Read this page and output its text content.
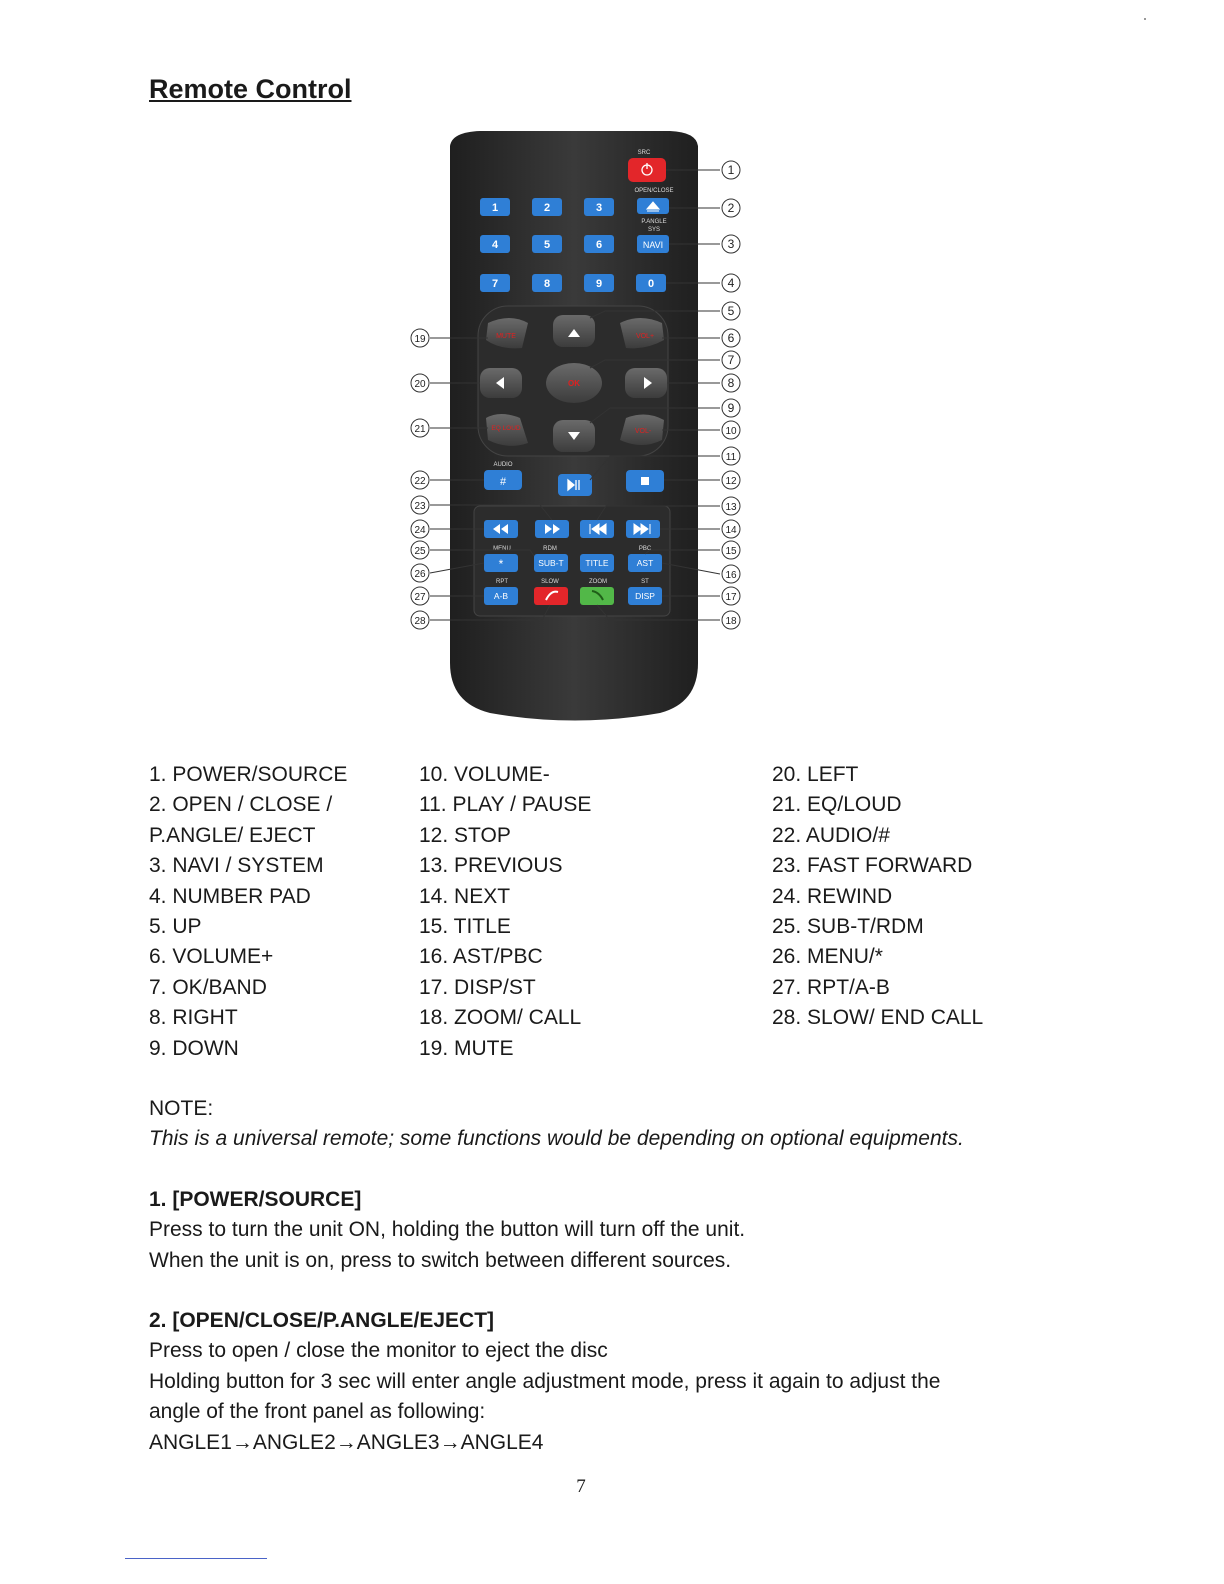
Remote Control
SRC
1	2	3
4	5	6
7	8	9	0
OPEN/CLOSE
P.ANGLE
SYS
NAVI
MUTE	VOL+
OK
EQ LOUD	VOL-
AUDIO
#
MENU	RDM	PBC
*	SUB-T	TITLE	AST
RPT	SLOW	ZOOM	ST
A-B	DISP
1
2
3
4
5
6
7
8
9
10
11
12
13
14
15
16
17
18
19
20
21
22
23
24
25
26
27
28
1. POWER/SOURCE
2. OPEN / CLOSE /
P.ANGLE/ EJECT
3. NAVI / SYSTEM
4. NUMBER PAD
5. UP
6. VOLUME+
7. OK/BAND
8. RIGHT
9. DOWN
10. VOLUME-
11. PLAY / PAUSE
12. STOP
13. PREVIOUS
14. NEXT
15. TITLE
16. AST/PBC
17. DISP/ST
18. ZOOM/ CALL
19. MUTE
20. LEFT
21. EQ/LOUD
22. AUDIO/#
23. FAST FORWARD
24. REWIND
25. SUB-T/RDM
26. MENU/*
27. RPT/A-B
28. SLOW/ END CALL
NOTE:
This is a universal remote; some functions would be depending on optional equipments.
1. [POWER/SOURCE]
Press to turn the unit ON, holding the button will turn off the unit.
When the unit is on, press to switch between different sources.
2. [OPEN/CLOSE/P.ANGLE/EJECT]
Press to open / close the monitor to eject the disc
Holding button for 3 sec will enter angle adjustment mode, press it again to adjust the
angle of the front panel as following:
ANGLE1→ANGLE2→ANGLE3→ANGLE4
7
